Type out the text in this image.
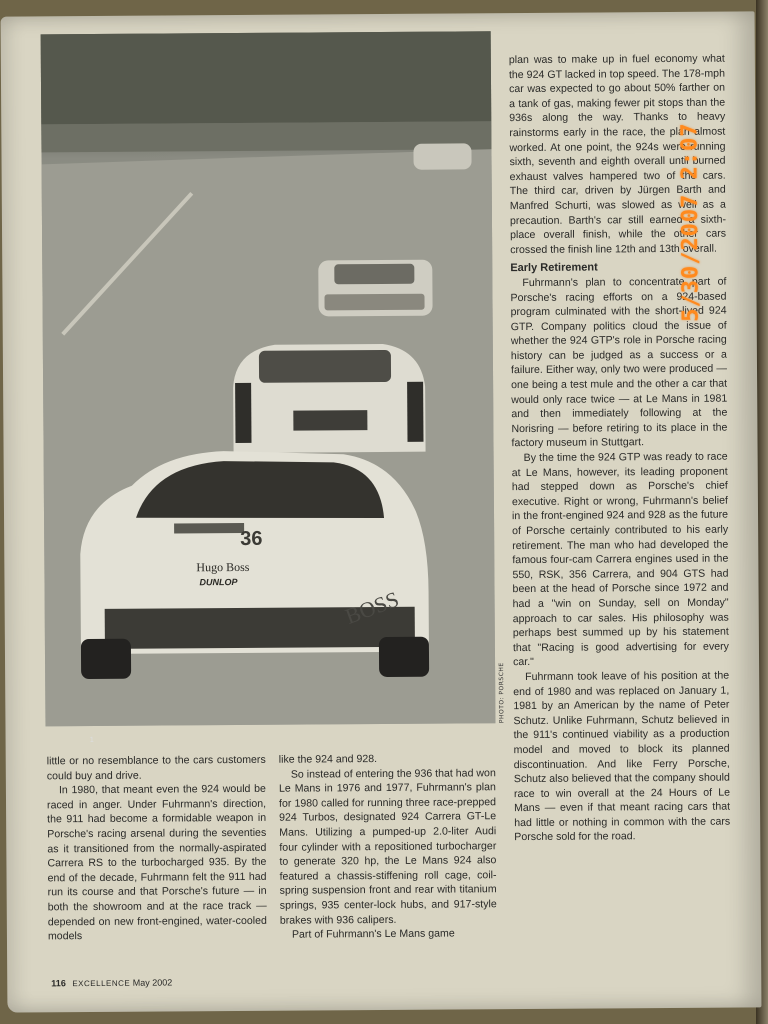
36
Hugo Boss
DUNLOP
BOSS
1
PHOTO: PORSCHE

little or no resemblance to the cars customers could buy and drive.

In 1980, that meant even the 924 would be raced in anger. Under Fuhrmann's direction, the 911 had become a formidable weapon in Porsche's racing arsenal during the seventies as it transitioned from the normally-aspirated Carrera RS to the turbocharged 935. By the end of the decade, Fuhrmann felt the 911 had run its course and that Porsche's future — in both the showroom and at the race track — depended on new front-engined, water-cooled models

like the 924 and 928.

So instead of entering the 936 that had won Le Mans in 1976 and 1977, Fuhrmann's plan for 1980 called for running three race-prepped 924 Turbos, designated 924 Carrera GT-Le Mans. Utilizing a pumped-up 2.0-liter Audi four cylinder with a repositioned turbocharger to generate 320 hp, the Le Mans 924 also featured a chassis-stiffening roll cage, coil-spring suspension front and rear with titanium springs, 935 center-lock hubs, and 917-style brakes with 936 calipers.

Part of Fuhrmann's Le Mans game

plan was to make up in fuel economy what the 924 GT lacked in top speed. The 178-mph car was expected to go about 50% farther on a tank of gas, making fewer pit stops than the 936s along the way. Thanks to heavy rainstorms early in the race, the plan almost worked. At one point, the 924s were running sixth, seventh and eighth overall until burned exhaust valves hampered two of the cars. The third car, driven by Jürgen Barth and Manfred Schurti, was slowed as well as a precaution. Barth's car still earned a sixth-place overall finish, while the other cars crossed the finish line 12th and 13th overall.

Early Retirement

Fuhrmann's plan to concentrate part of Porsche's racing efforts on a 924-based program culminated with the short-lived 924 GTP. Company politics cloud the issue of whether the 924 GTP's role in Porsche racing history can be judged as a success or a failure. Either way, only two were produced — one being a test mule and the other a car that would only race twice — at Le Mans in 1981 and then immediately following at the Norisring — before retiring to its place in the factory museum in Stuttgart.

By the time the 924 GTP was ready to race at Le Mans, however, its leading proponent had stepped down as Porsche's chief executive. Right or wrong, Fuhrmann's belief in the front-engined 924 and 928 as the future of Porsche certainly contributed to his early retirement. The man who had developed the famous four-cam Carrera engines used in the 550, RSK, 356 Carrera, and 904 GTS had been at the head of Porsche since 1972 and had a "win on Sunday, sell on Monday" approach to car sales. His philosophy was perhaps best summed up by his statement that "Racing is good advertising for every car."

Fuhrmann took leave of his position at the end of 1980 and was replaced on January 1, 1981 by an American by the name of Peter Schutz. Unlike Fuhrmann, Schutz believed in the 911's continued viability as a production model and moved to block its planned discontinuation. And like Ferry Porsche, Schutz also believed that the company should race to win overall at the 24 Hours of Le Mans — even if that meant racing cars that had little or nothing in common with the cars Porsche sold for the road.

116 EXCELLENCE May 2002
5/30/2007 2:07
